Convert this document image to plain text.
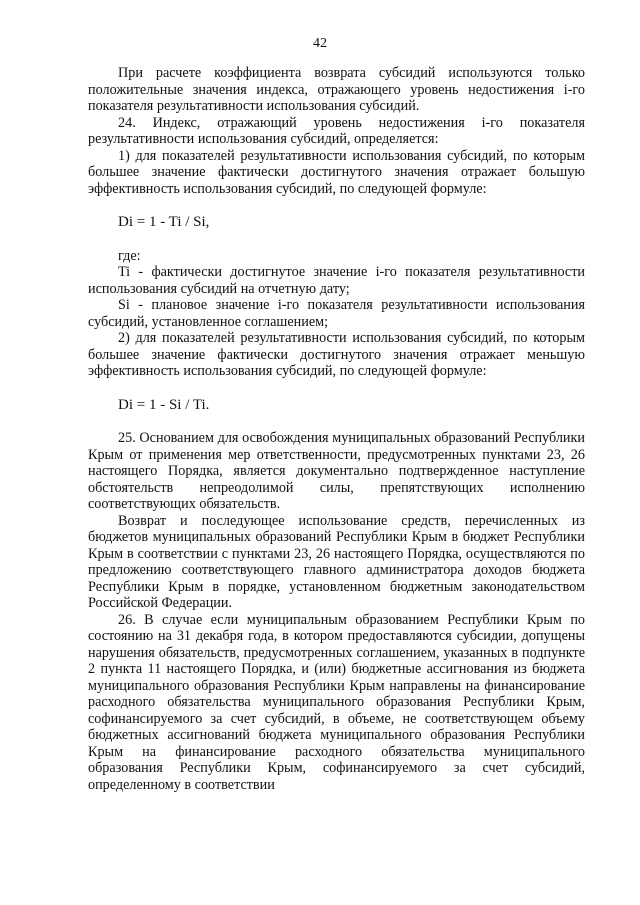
42

При расчете коэффициента возврата субсидий используются только положительные значения индекса, отражающего уровень недостижения i-го показателя результативности использования субсидий.

24. Индекс, отражающий уровень недостижения i-го показателя результативности использования субсидий, определяется:

1) для показателей результативности использования субсидий, по которым большее значение фактически достигнутого значения отражает большую эффективность использования субсидий, по следующей формуле:

Di = 1 - Ti / Si,

где:

Ti - фактически достигнутое значение i-го показателя результативности использования субсидий на отчетную дату;

Si - плановое значение i-го показателя результативности использования субсидий, установленное соглашением;

2) для показателей результативности использования субсидий, по которым большее значение фактически достигнутого значения отражает меньшую эффективность использования субсидий, по следующей формуле:

Di = 1 - Si / Ti.

25. Основанием для освобождения муниципальных образований Республики Крым от применения мер ответственности, предусмотренных пунктами 23, 26 настоящего Порядка, является документально подтвержденное наступление обстоятельств непреодолимой силы, препятствующих исполнению соответствующих обязательств.

Возврат и последующее использование средств, перечисленных из бюджетов муниципальных образований Республики Крым в бюджет Республики Крым в соответствии с пунктами 23, 26 настоящего Порядка, осуществляются по предложению соответствующего главного администратора доходов бюджета Республики Крым в порядке, установленном бюджетным законодательством Российской Федерации.

26. В случае если муниципальным образованием Республики Крым по состоянию на 31 декабря года, в котором предоставляются субсидии, допущены нарушения обязательств, предусмотренных соглашением, указанных в подпункте 2 пункта 11 настоящего Порядка, и (или) бюджетные ассигнования из бюджета муниципального образования Республики Крым направлены на финансирование расходного обязательства муниципального образования Республики Крым, софинансируемого за счет субсидий, в объеме, не соответствующем объему бюджетных ассигнований бюджета муниципального образования Республики Крым на финансирование расходного обязательства муниципального образования Республики Крым, софинансируемого за счет субсидий, определенному в соответствии
